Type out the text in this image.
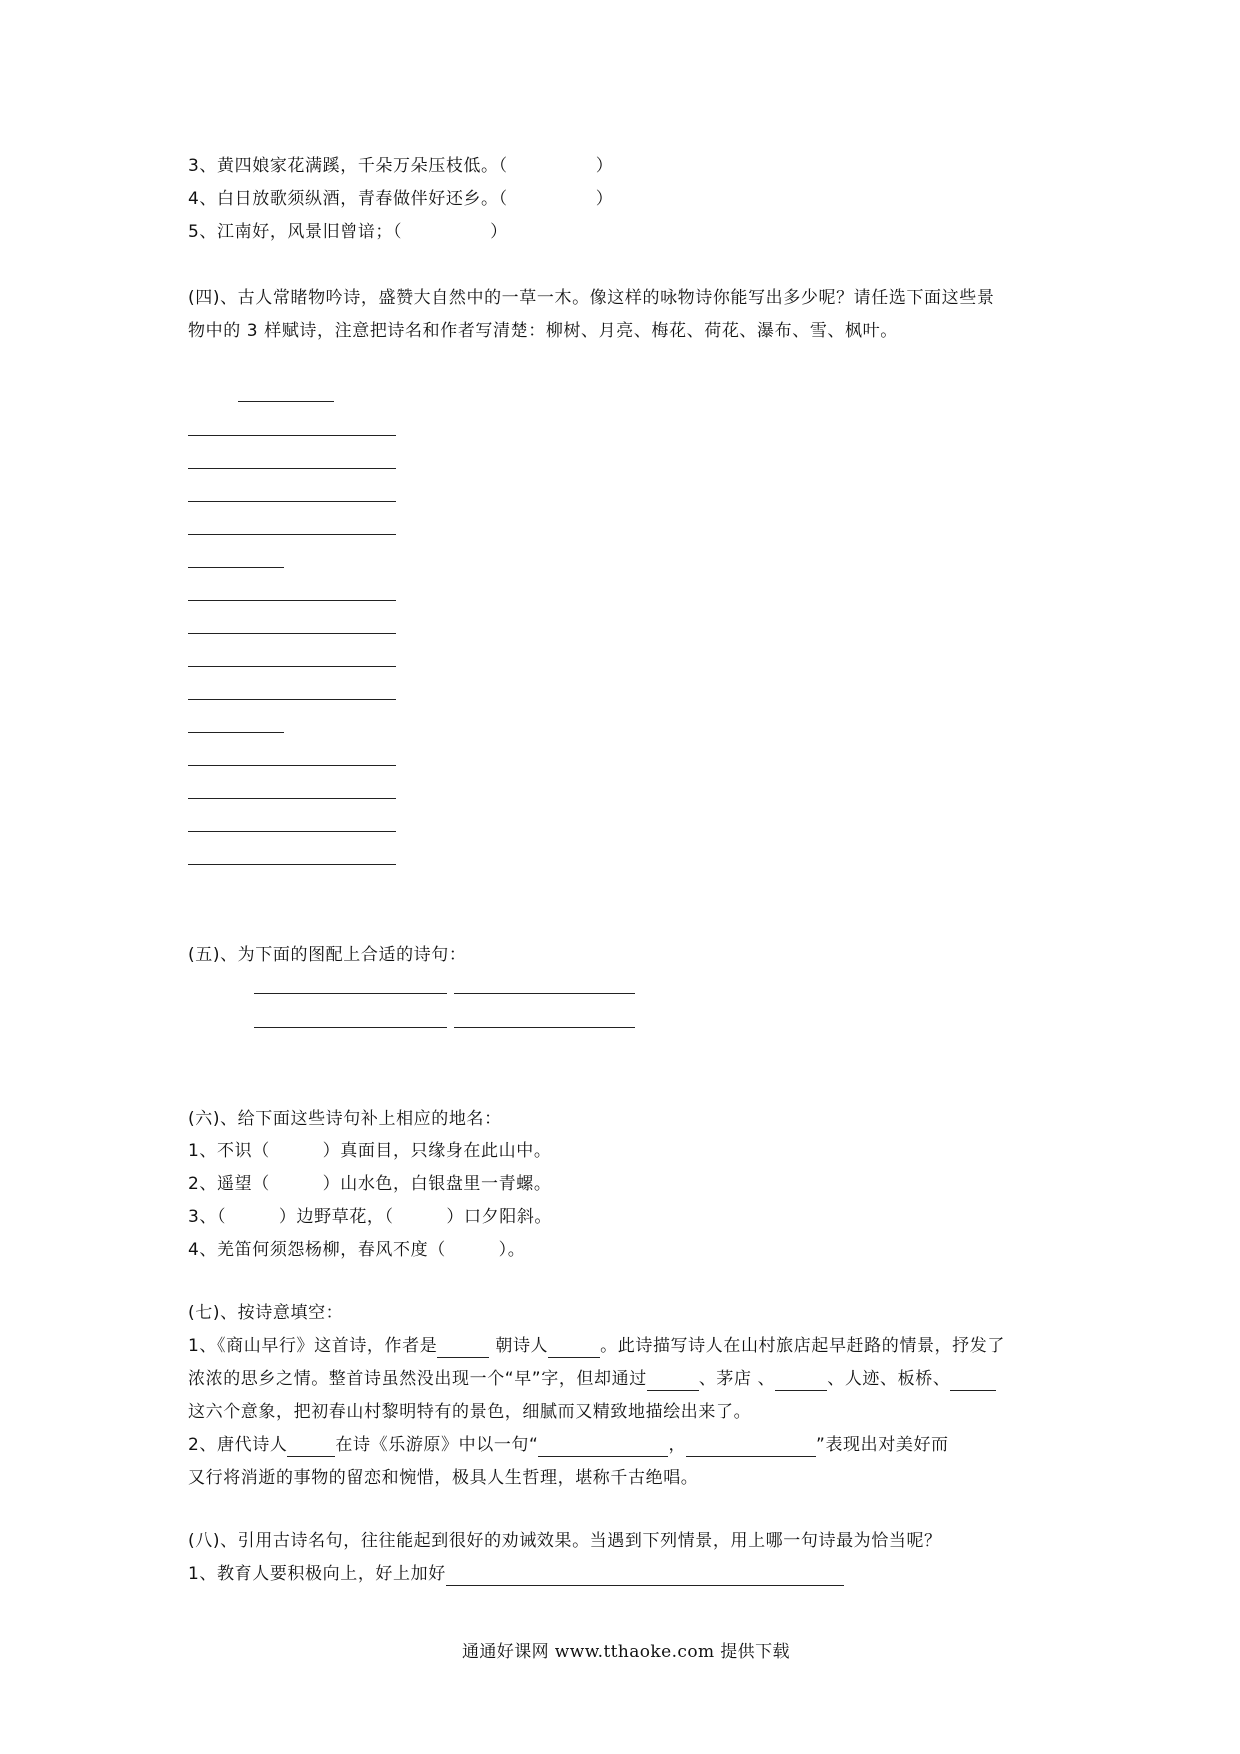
3、黄四娘家花满蹊，千朵万朵压枝低。（　　　　　）
4、白日放歌须纵酒，青春做伴好还乡。（　　　　　）
5、江南好，风景旧曾谙；（　　　　　）
(四)、古人常睹物吟诗，盛赞大自然中的一草一木。像这样的咏物诗你能写出多少呢？请任选下面这些景
物中的 3 样赋诗，注意把诗名和作者写清楚：柳树、月亮、梅花、荷花、瀑布、雪、枫叶。
(五)、为下面的图配上合适的诗句：
(六)、给下面这些诗句补上相应的地名：
1、不识（　　　）真面目，只缘身在此山中。
2、遥望（　　　）山水色，白银盘里一青螺。
3、（　　　）边野草花，（　　　）口夕阳斜。
4、羌笛何须怨杨柳，春风不度（　　　）。
(七)、按诗意填空：
1、《商山早行》这首诗，作者是	朝诗人	。此诗描写诗人在山村旅店起早赶路的情景，抒发了
浓浓的思乡之情。整首诗虽然没出现一个“早”字，但却通过	、茅店 、	、人迹、板桥、
这六个意象，把初春山村黎明特有的景色，细腻而又精致地描绘出来了。
2、唐代诗人	在诗《乐游原》中以一句“	，	”表现出对美好而
又行将消逝的事物的留恋和惋惜，极具人生哲理，堪称千古绝唱。
(八)、引用古诗名句，往往能起到很好的劝诫效果。当遇到下列情景，用上哪一句诗最为恰当呢？
1、教育人要积极向上，好上加好
通通好课网 www.tthaoke.com 提供下载
